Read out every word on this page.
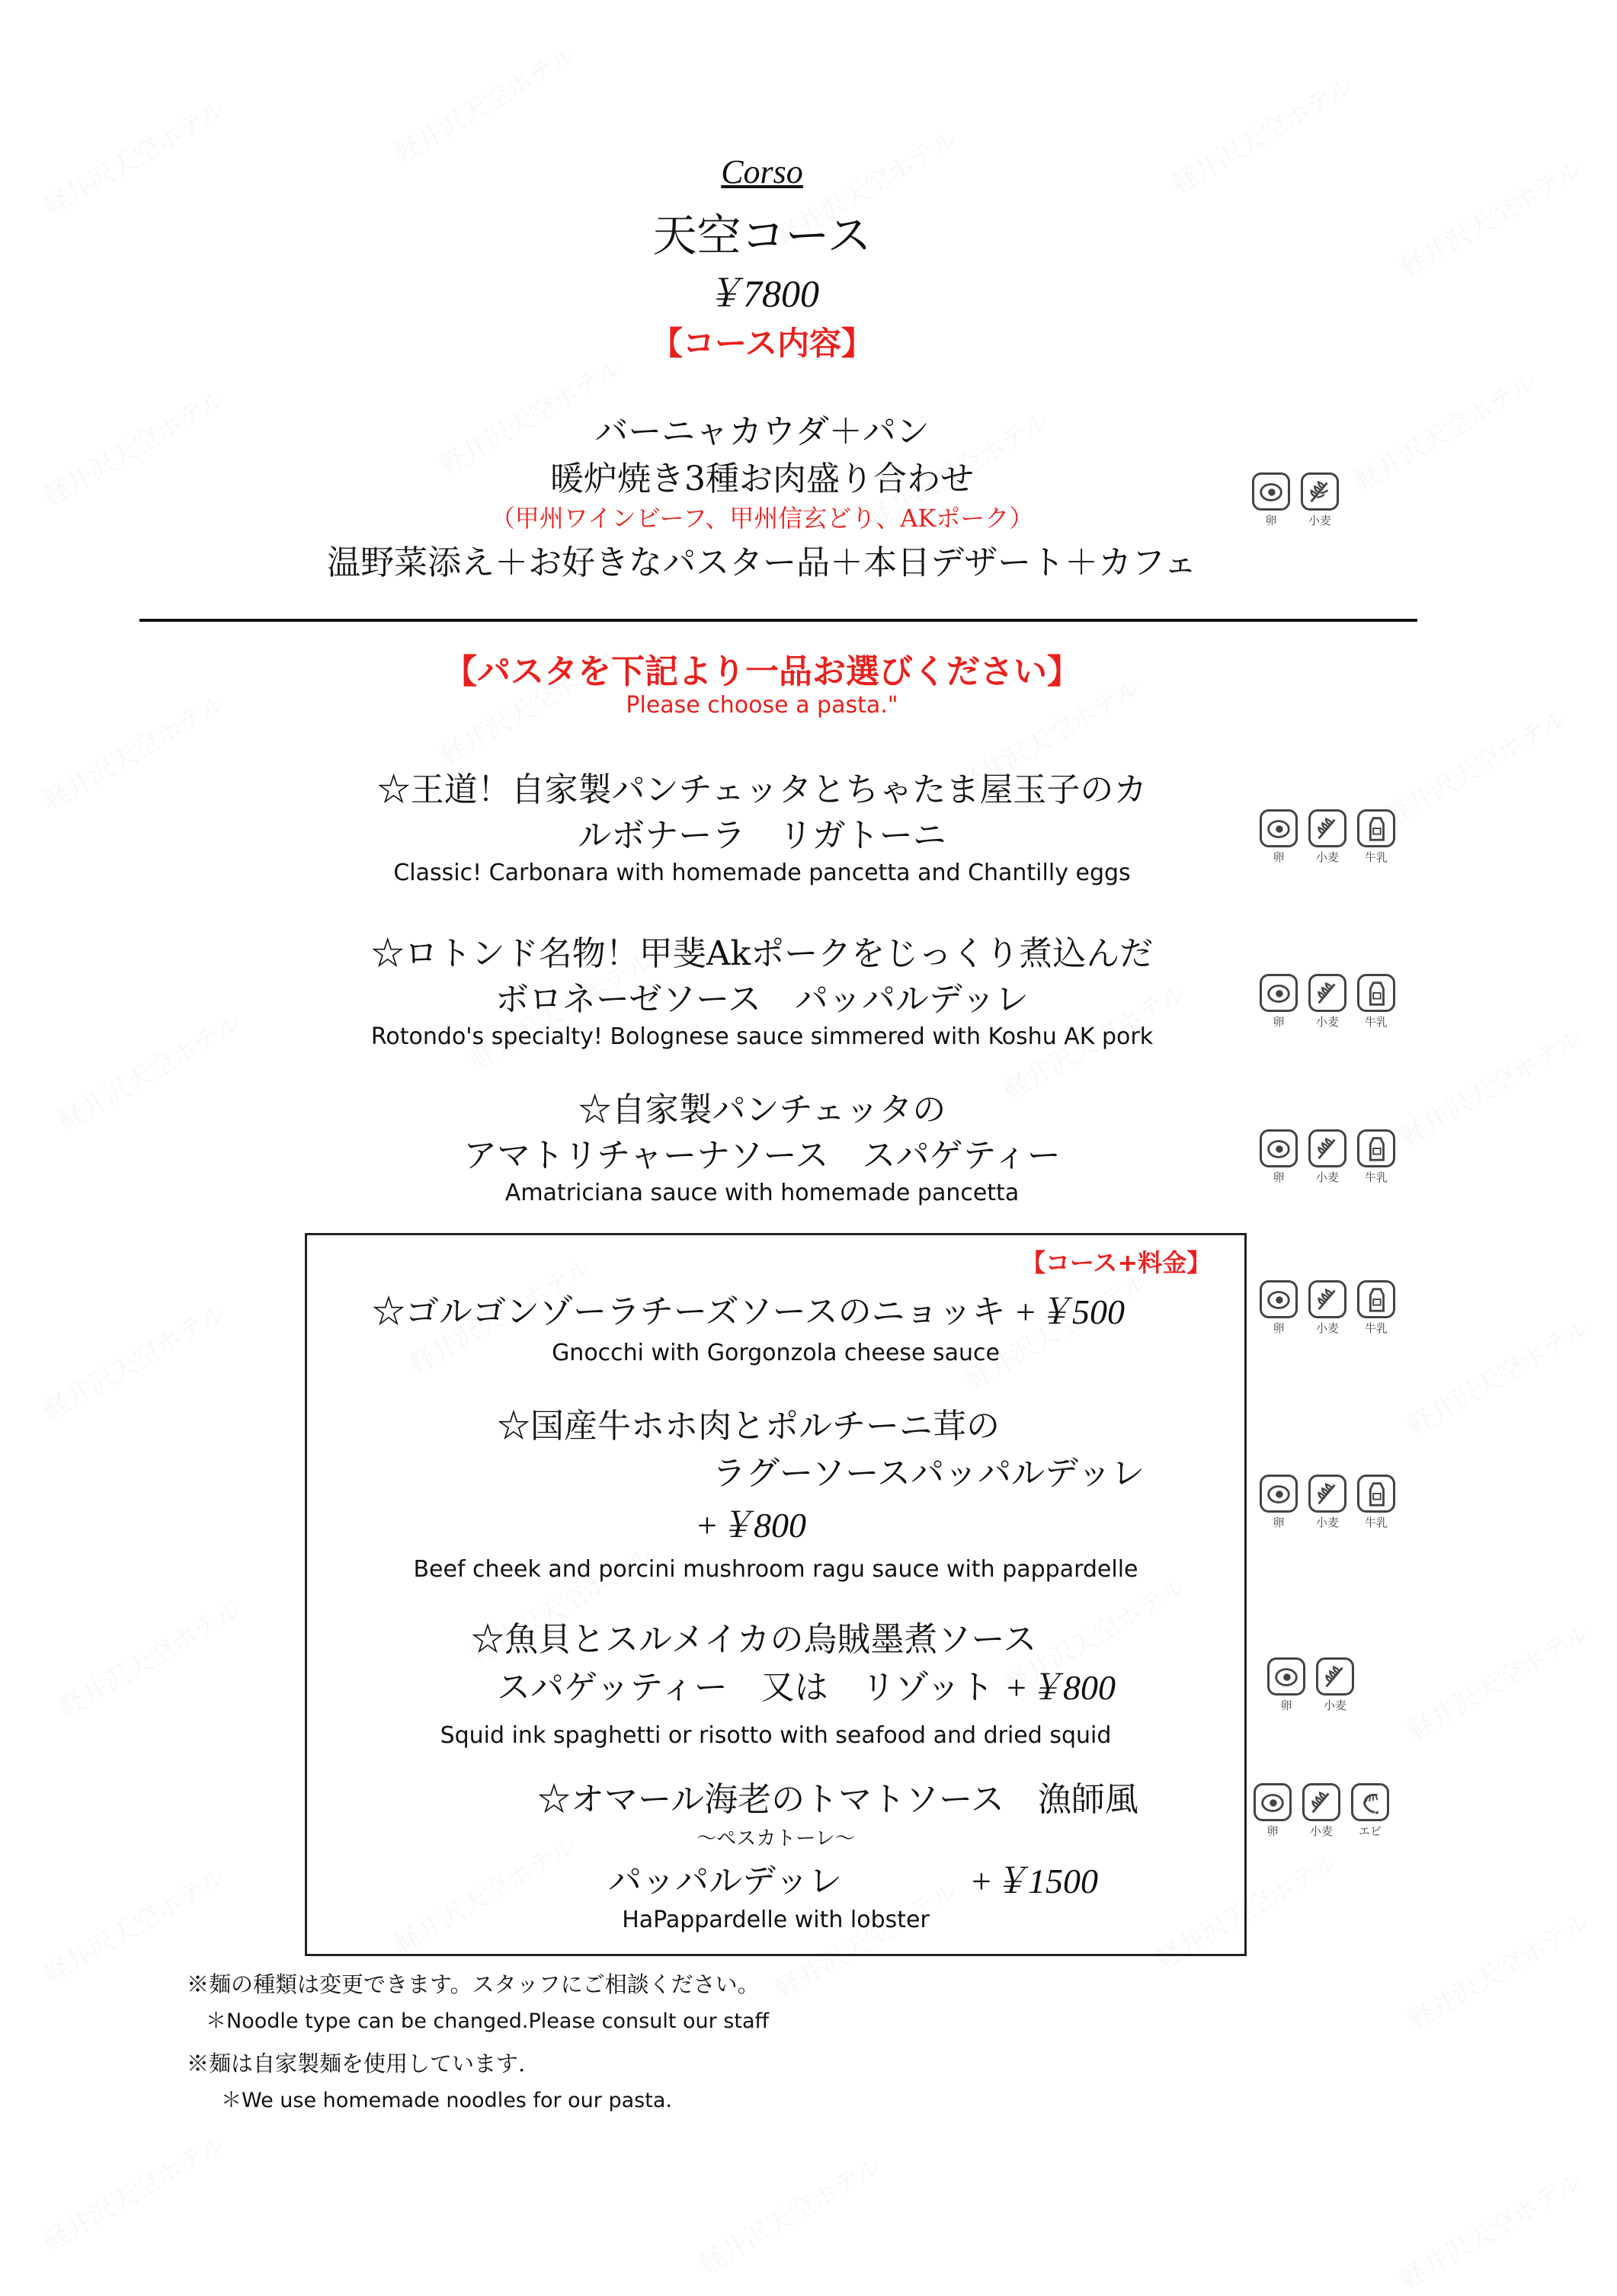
Corso
天空コース
￥7800
【コース内容】
バーニャカウダ＋パン
暖炉焼き3種お肉盛り合わせ
（甲州ワインビーフ、甲州信玄どり、AKポーク）
温野菜添え＋お好きなパスター品＋本日デザート＋カフェ
卵	小麦
【パスタを下記より一品お選びください】
Please choose a pasta."
☆王道！自家製パンチェッタとちゃたま屋玉子のカ
ルボナーラ　リガトーニ
Classic! Carbonara with homemade pancetta and Chantilly eggs
卵	小麦 牛乳
☆ロトンド名物！甲斐Akポークをじっくり煮込んだ
ボロネーゼソース　パッパルデッレ
Rotondo's specialty! Bolognese sauce simmered with Koshu AK pork
卵	小麦 牛乳
☆自家製パンチェッタの
アマトリチャーナソース　スパゲティー
Amatriciana sauce with homemade pancetta
卵	小麦 牛乳
【コース+料金】
☆ゴルゴンゾーラチーズソースのニョッキ +￥500
Gnocchi with Gorgonzola cheese sauce
卵	小麦 牛乳
☆国産牛ホホ肉とポルチーニ茸の
ラグーソースパッパルデッレ
+￥800
Beef cheek and porcini mushroom ragu sauce with pappardelle
卵	小麦 牛乳
☆魚貝とスルメイカの烏賊墨煮ソース
スパゲッティー　又は　リゾット +￥800
Squid ink spaghetti or risotto with seafood and dried squid
卵	小麦
☆オマール海老のトマトソース　漁師風
～ペスカトーレ～
パッパルデッレ	+￥1500
HaPappardelle with lobster
卵	小麦 エビ
※麺の種類は変更できます。スタッフにご相談ください。
＊Noodle type can be changed.Please consult our staff
※麺は自家製麺を使用しています.
＊We use homemade noodles for our pasta.
